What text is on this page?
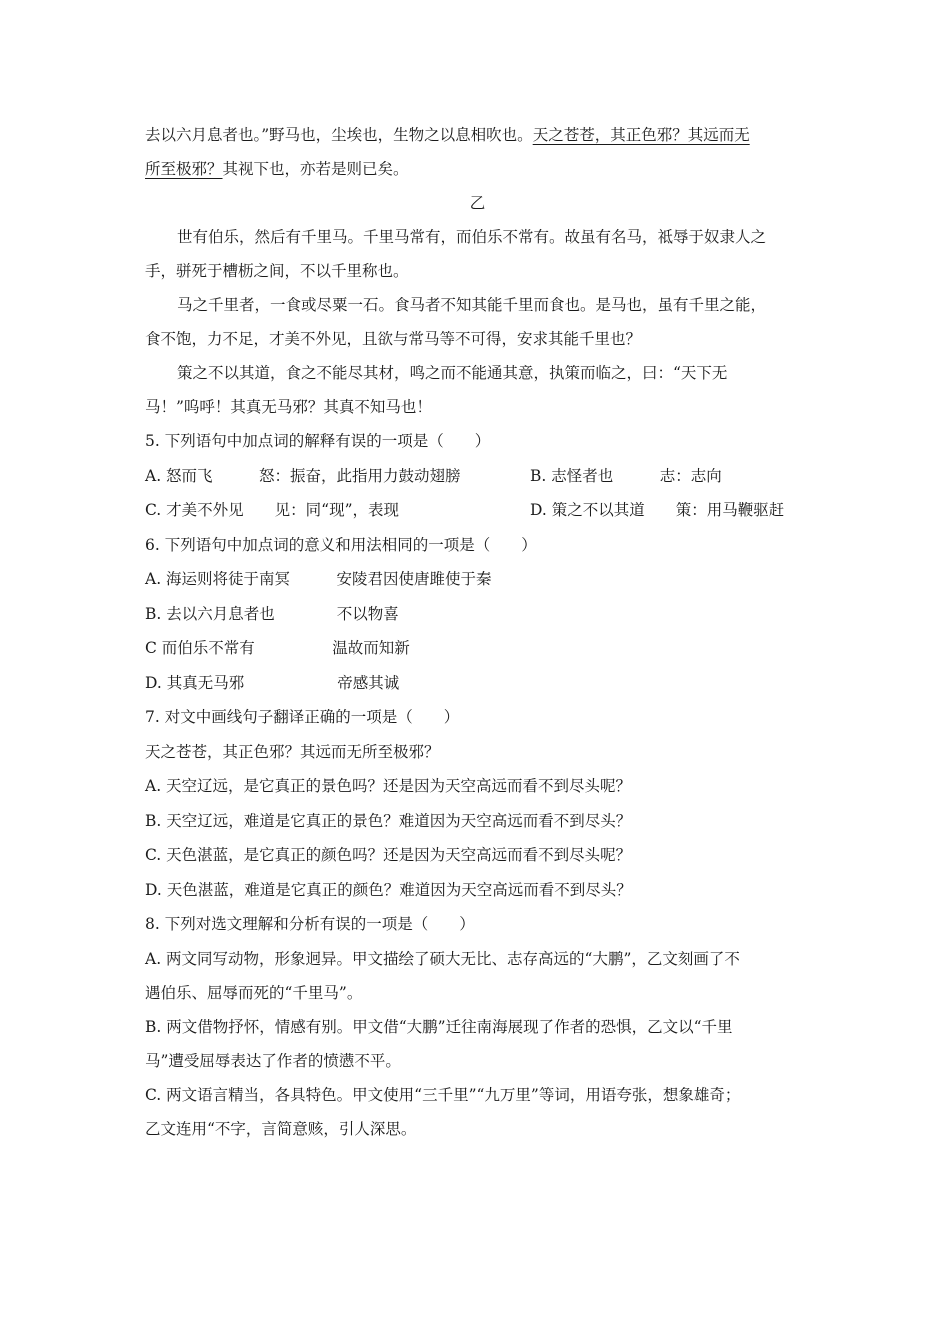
去以六月息者也。”野马也，尘埃也，生物之以息相吹也。天之苍苍，其正色邪？其远而无
所至极邪？其视下也，亦若是则已矣。
乙
世有伯乐，然后有千里马。千里马常有，而伯乐不常有。故虽有名马，祗辱于奴隶人之
手，骈死于槽枥之间，不以千里称也。
马之千里者，一食或尽粟一石。食马者不知其能千里而食也。是马也，虽有千里之能，
食不饱，力不足，才美不外见，且欲与常马等不可得，安求其能千里也？
策之不以其道，食之不能尽其材，鸣之而不能通其意，执策而临之，曰：“天下无
马！”呜呼！其真无马邪？其真不知马也！
5. 下列语句中加点词的解释有误的一项是（　　）
A. 怒而飞　　　怒：振奋，此指用力鼓动翅膀	B. 志怪者也　　　志：志向
C. 才美不外见　　见：同“现”，表现	D. 策之不以其道　　策：用马鞭驱赶
6. 下列语句中加点词的意义和用法相同的一项是（　　）
A. 海运则将徒于南冥　　　安陵君因使唐雎使于秦
B. 去以六月息者也　　　　不以物喜
C 而伯乐不常有　　　　　温故而知新
D. 其真无马邪　　　　　　帝感其诚
7. 对文中画线句子翻译正确的一项是（　　）
天之苍苍，其正色邪？其远而无所至极邪？
A. 天空辽远，是它真正的景色吗？还是因为天空高远而看不到尽头呢？
B. 天空辽远，难道是它真正的景色？难道因为天空高远而看不到尽头？
C. 天色湛蓝，是它真正的颜色吗？还是因为天空高远而看不到尽头呢？
D. 天色湛蓝，难道是它真正的颜色？难道因为天空高远而看不到尽头？
8. 下列对选文理解和分析有误的一项是（　　）
A. 两文同写动物，形象迥异。甲文描绘了硕大无比、志存高远的“大鹏”，乙文刻画了不
遇伯乐、屈辱而死的“千里马”。
B. 两文借物抒怀，情感有别。甲文借“大鹏”迁往南海展现了作者的恐惧，乙文以“千里
马”遭受屈辱表达了作者的愤懑不平。
C. 两文语言精当，各具特色。甲文使用“三千里”“九万里”等词，用语夸张，想象雄奇；
乙文连用“不字，言简意赅，引人深思。
